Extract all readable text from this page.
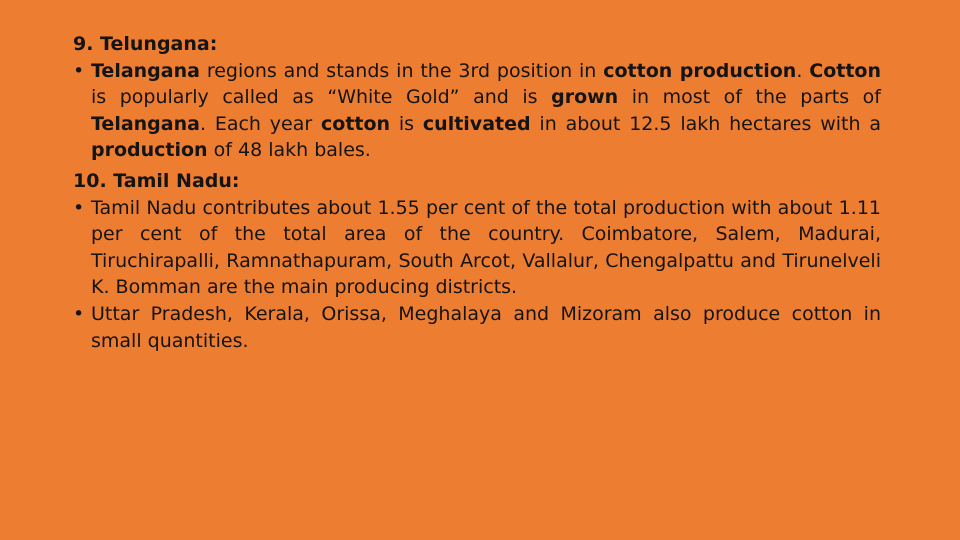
9. Telungana:

• Telangana regions and stands in the 3rd position in cotton production. Cotton is popularly called as “White Gold” and is grown in most of the parts of Telangana. Each year cotton is cultivated in about 12.5 lakh hectares with a production of 48 lakh bales.

10. Tamil Nadu:

• Tamil Nadu contributes about 1.55 per cent of the total production with about 1.11 per cent of the total area of the country. Coimbatore, Salem, Madurai, Tiruchirapalli, Ramnathapuram, South Arcot, Vallalur, Chengalpattu and Tirunelveli K. Bomman are the main producing districts.

• Uttar Pradesh, Kerala, Orissa, Meghalaya and Mizoram also produce cotton in small quantities.
